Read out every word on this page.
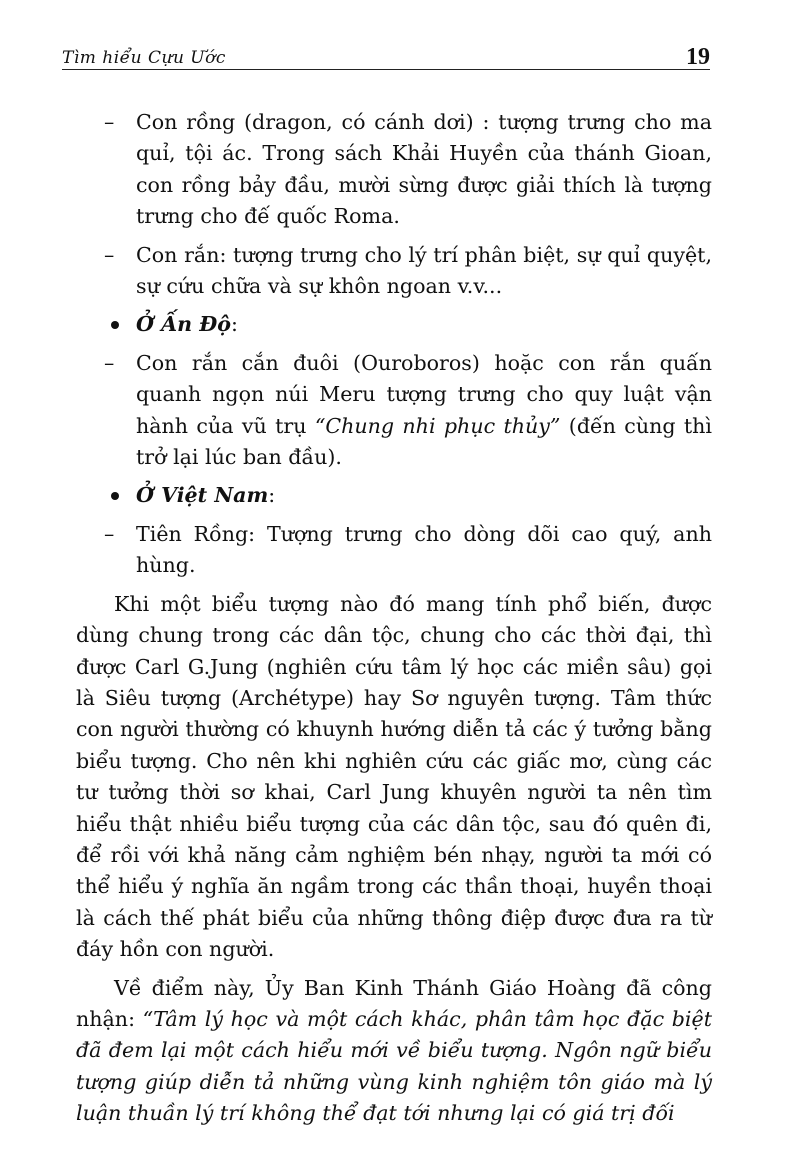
Tìm hiểu Cựu Ước	19
– Con rồng (dragon, có cánh dơi) : tượng trưng cho ma quỉ, tội ác. Trong sách Khải Huyền của thánh Gioan, con rồng bảy đầu, mười sừng được giải thích là tượng trưng cho đế quốc Roma.
– Con rắn: tượng trưng cho lý trí phân biệt, sự quỉ quyệt, sự cứu chữa và sự khôn ngoan v.v...
Ở Ấn Độ:
– Con rắn cắn đuôi (Ouroboros) hoặc con rắn quấn quanh ngọn núi Meru tượng trưng cho quy luật vận hành của vũ trụ “Chung nhi phục thủy” (đến cùng thì trở lại lúc ban đầu).
Ở Việt Nam:
– Tiên Rồng: Tượng trưng cho dòng dõi cao quý, anh hùng.

Khi một biểu tượng nào đó mang tính phổ biến, được dùng chung trong các dân tộc, chung cho các thời đại, thì được Carl G.Jung (nghiên cứu tâm lý học các miền sâu) gọi là Siêu tượng (Archétype) hay Sơ nguyên tượng. Tâm thức con người thường có khuynh hướng diễn tả các ý tưởng bằng biểu tượng. Cho nên khi nghiên cứu các giấc mơ, cùng các tư tưởng thời sơ khai, Carl Jung khuyên người ta nên tìm hiểu thật nhiều biểu tượng của các dân tộc, sau đó quên đi, để rồi với khả năng cảm nghiệm bén nhạy, người ta mới có thể hiểu ý nghĩa ăn ngầm trong các thần thoại, huyền thoại là cách thế phát biểu của những thông điệp được đưa ra từ đáy hồn con người.

Về điểm này, Ủy Ban Kinh Thánh Giáo Hoàng đã công nhận: “Tâm lý học và một cách khác, phân tâm học đặc biệt đã đem lại một cách hiểu mới về biểu tượng. Ngôn ngữ biểu tượng giúp diễn tả những vùng kinh nghiệm tôn giáo mà lý luận thuần lý trí không thể đạt tới nhưng lại có giá trị đối
